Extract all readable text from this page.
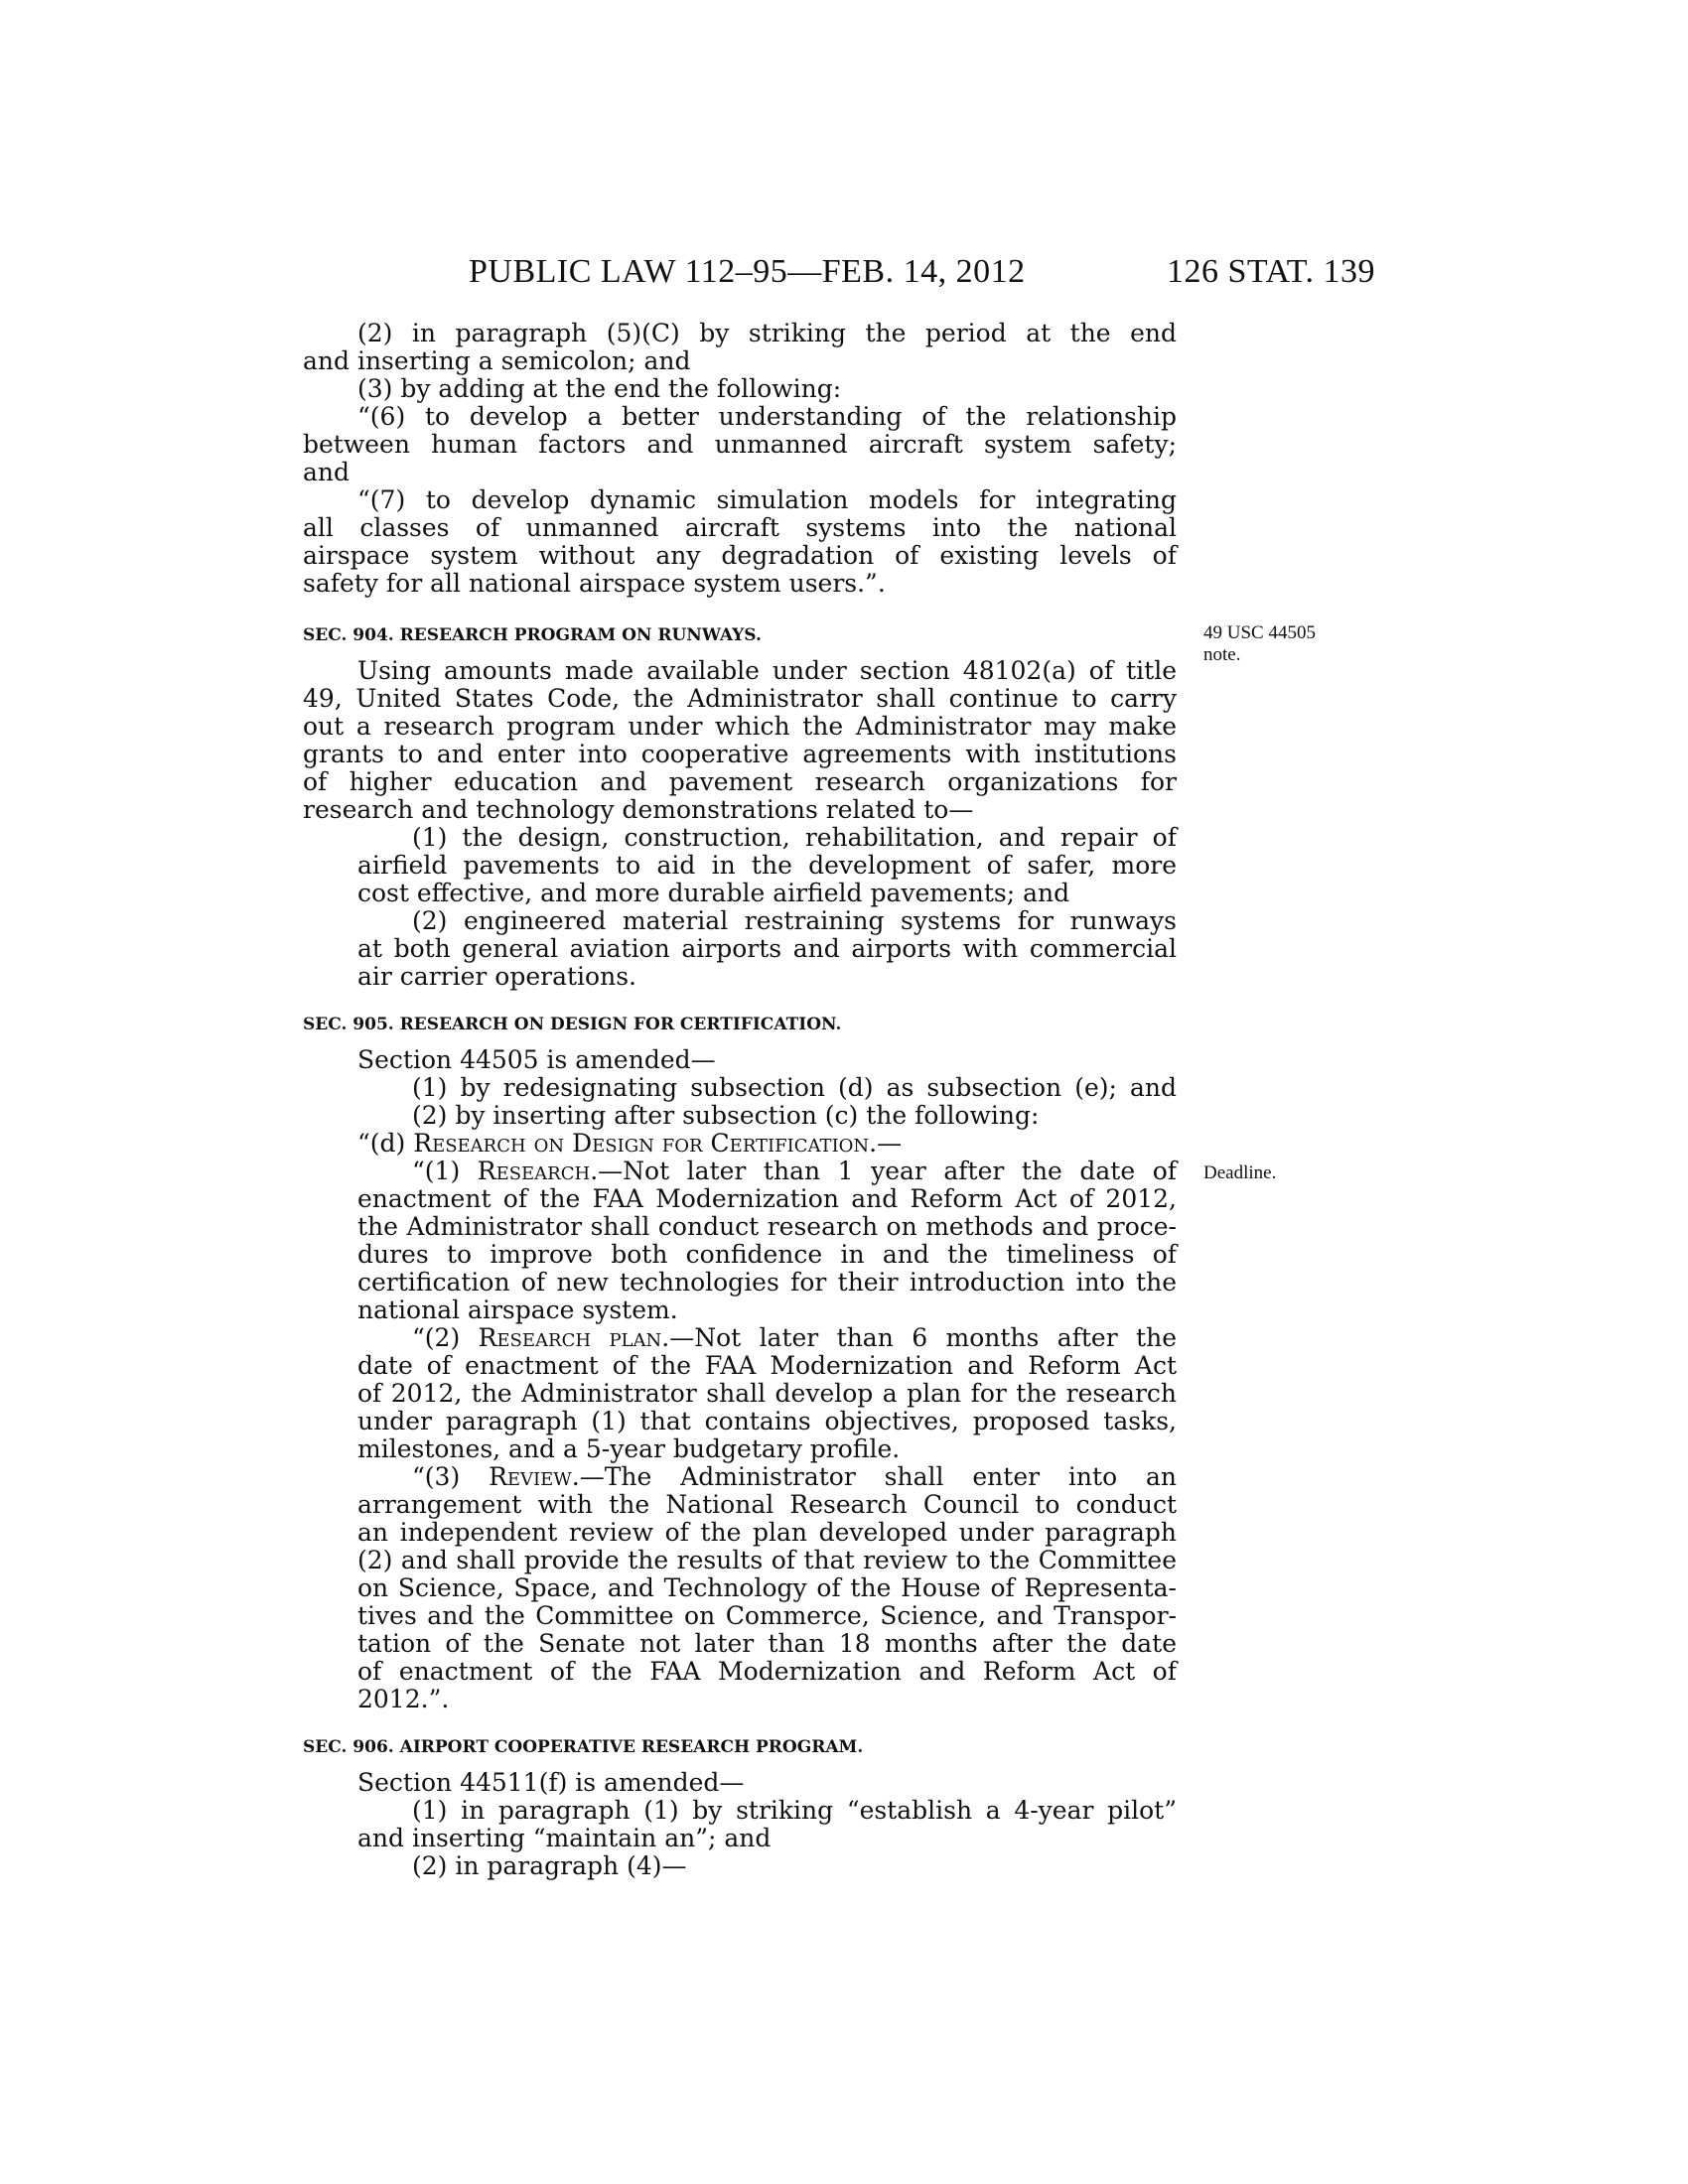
PUBLIC LAW 112–95—FEB. 14, 2012	126 STAT. 139
(2) in paragraph (5)(C) by striking the period at the end
and inserting a semicolon; and
(3) by adding at the end the following:
“(6) to develop a better understanding of the relationship
between human factors and unmanned aircraft system safety;
and
“(7) to develop dynamic simulation models for integrating
all classes of unmanned aircraft systems into the national
airspace system without any degradation of existing levels of
safety for all national airspace system users.”.
SEC. 904. RESEARCH PROGRAM ON RUNWAYS.	49 USC 44505
note.
Using amounts made available under section 48102(a) of title
49, United States Code, the Administrator shall continue to carry
out a research program under which the Administrator may make
grants to and enter into cooperative agreements with institutions
of higher education and pavement research organizations for
research and technology demonstrations related to—
(1) the design, construction, rehabilitation, and repair of
airfield pavements to aid in the development of safer, more
cost effective, and more durable airfield pavements; and
(2) engineered material restraining systems for runways
at both general aviation airports and airports with commercial
air carrier operations.
SEC. 905. RESEARCH ON DESIGN FOR CERTIFICATION.
Section 44505 is amended—
(1) by redesignating subsection (d) as subsection (e); and
(2) by inserting after subsection (c) the following:
“(d) Research on Design for Certification.—
“(1) Research.—Not later than 1 year after the date of Deadline.
enactment of the FAA Modernization and Reform Act of 2012,
the Administrator shall conduct research on methods and proce-
dures to improve both confidence in and the timeliness of
certification of new technologies for their introduction into the
national airspace system.
“(2) Research plan.—Not later than 6 months after the
date of enactment of the FAA Modernization and Reform Act
of 2012, the Administrator shall develop a plan for the research
under paragraph (1) that contains objectives, proposed tasks,
milestones, and a 5-year budgetary profile.
“(3) Review.—The Administrator shall enter into an
arrangement with the National Research Council to conduct
an independent review of the plan developed under paragraph
(2) and shall provide the results of that review to the Committee
on Science, Space, and Technology of the House of Representa-
tives and the Committee on Commerce, Science, and Transpor-
tation of the Senate not later than 18 months after the date
of enactment of the FAA Modernization and Reform Act of
2012.”.
SEC. 906. AIRPORT COOPERATIVE RESEARCH PROGRAM.
Section 44511(f) is amended—
(1) in paragraph (1) by striking “establish a 4-year pilot”
and inserting “maintain an”; and
(2) in paragraph (4)—
